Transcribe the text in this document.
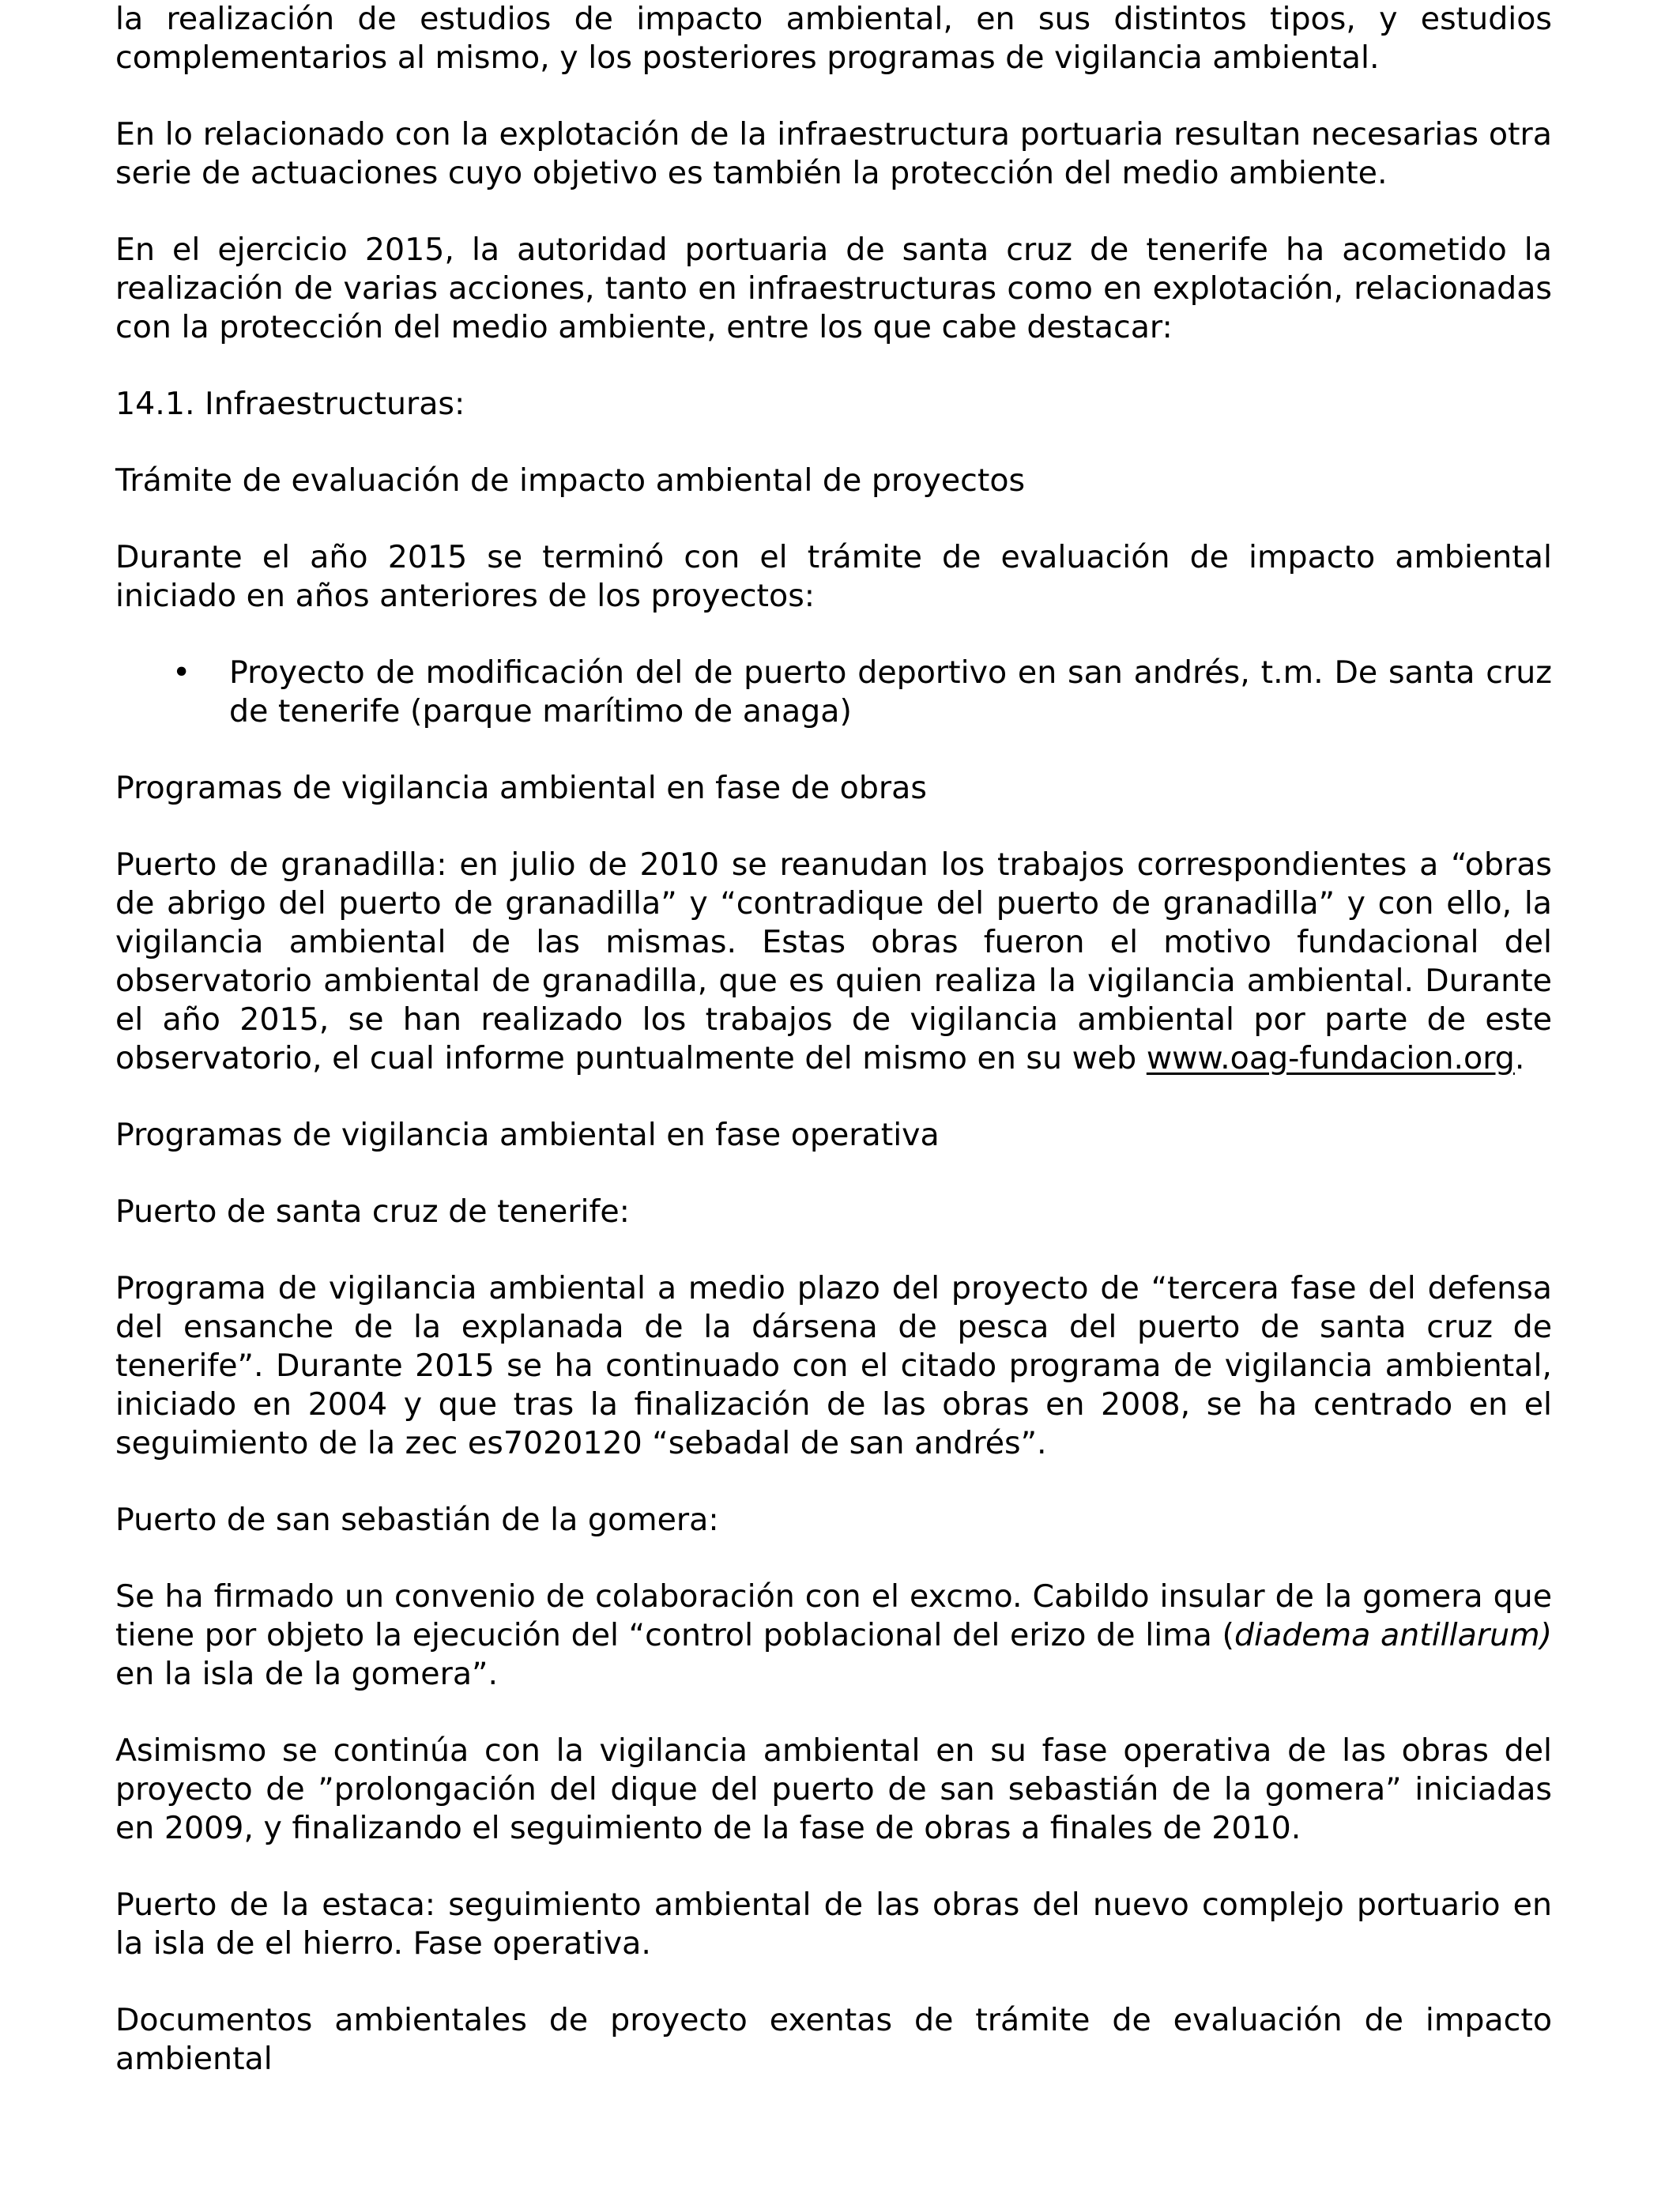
la realización de estudios de impacto ambiental, en sus distintos tipos, y estudios complementarios al mismo, y los posteriores programas de vigilancia ambiental.

En lo relacionado con la explotación de la infraestructura portuaria resultan necesarias otra serie de actuaciones cuyo objetivo es también la protección del medio ambiente.

En el ejercicio 2015, la autoridad portuaria de santa cruz de tenerife ha acometido la realización de varias acciones, tanto en infraestructuras como en explotación, relacionadas con la protección del medio ambiente, entre los que cabe destacar:

14.1. Infraestructuras:

Trámite de evaluación de impacto ambiental de proyectos

Durante el año 2015 se terminó con el trámite de evaluación de impacto ambiental iniciado en años anteriores de los proyectos:

•	Proyecto de modificación del de puerto deportivo en san andrés, t.m. De santa cruz de tenerife (parque marítimo de anaga)

Programas de vigilancia ambiental en fase de obras

Puerto de granadilla: en julio de 2010 se reanudan los trabajos correspondientes a “obras de abrigo del puerto de granadilla” y “contradique del puerto de granadilla” y con ello, la vigilancia ambiental de las mismas. Estas obras fueron el motivo fundacional del observatorio ambiental de granadilla, que es quien realiza la vigilancia ambiental. Durante el año 2015, se han realizado los trabajos de vigilancia ambiental por parte de este observatorio, el cual informe puntualmente del mismo en su web www.oag-fundacion.org.

Programas de vigilancia ambiental en fase operativa

Puerto de santa cruz de tenerife:

Programa de vigilancia ambiental a medio plazo del proyecto de “tercera fase del defensa del ensanche de la explanada de la dársena de pesca del puerto de santa cruz de tenerife”. Durante 2015 se ha continuado con el citado programa de vigilancia ambiental, iniciado en 2004 y que tras la finalización de las obras en 2008, se ha centrado en el seguimiento de la zec es7020120 “sebadal de san andrés”.

Puerto de san sebastián de la gomera:

Se ha firmado un convenio de colaboración con el excmo. Cabildo insular de la gomera que tiene por objeto la ejecución del “control poblacional del erizo de lima (diadema antillarum) en la isla de la gomera”.

Asimismo se continúa con la vigilancia ambiental en su fase operativa de las obras del proyecto de ”prolongación del dique del puerto de san sebastián de la gomera” iniciadas en 2009, y finalizando el seguimiento de la fase de obras a finales de 2010.

Puerto de la estaca: seguimiento ambiental de las obras del nuevo complejo portuario en la isla de el hierro. Fase operativa.

Documentos ambientales de proyecto exentas de trámite de evaluación de impacto ambiental
